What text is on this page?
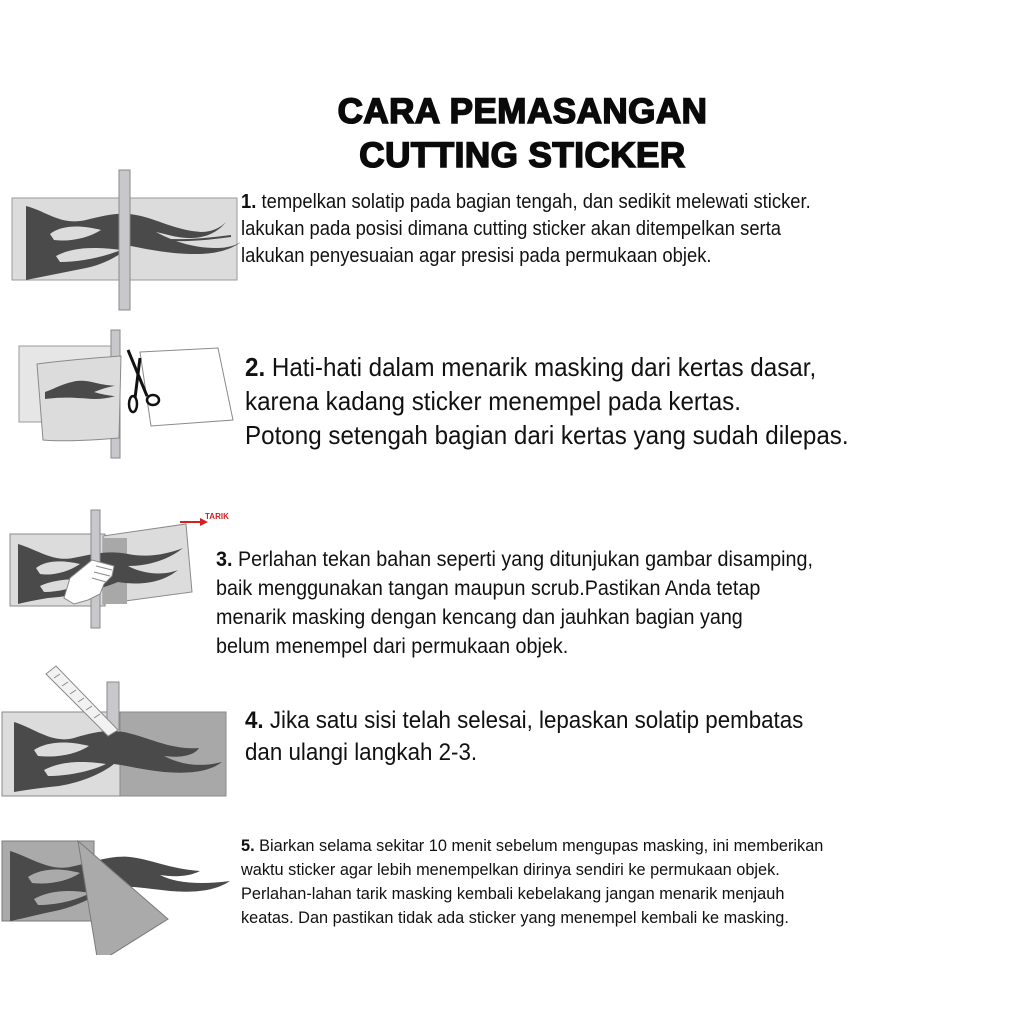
CARA PEMASANGAN
CUTTING STICKER
1. tempelkan solatip pada bagian tengah, dan sedikit melewati sticker.
lakukan pada posisi dimana cutting sticker akan ditempelkan serta
lakukan penyesuaian agar presisi pada permukaan objek.
2. Hati-hati dalam menarik masking dari kertas dasar,
karena kadang sticker menempel pada kertas.
Potong setengah bagian dari kertas yang sudah dilepas.
TARIK
3. Perlahan tekan bahan seperti yang ditunjukan gambar disamping,
baik menggunakan tangan maupun scrub.Pastikan Anda tetap
menarik masking dengan kencang dan jauhkan bagian yang
belum menempel dari permukaan objek.
4. Jika satu sisi telah selesai, lepaskan solatip pembatas
dan ulangi langkah 2-3.
5. Biarkan selama sekitar 10 menit sebelum mengupas masking, ini memberikan
waktu sticker agar lebih menempelkan dirinya sendiri ke permukaan objek.
Perlahan-lahan tarik masking kembali kebelakang jangan menarik menjauh
keatas. Dan pastikan tidak ada sticker yang menempel kembali ke masking.
